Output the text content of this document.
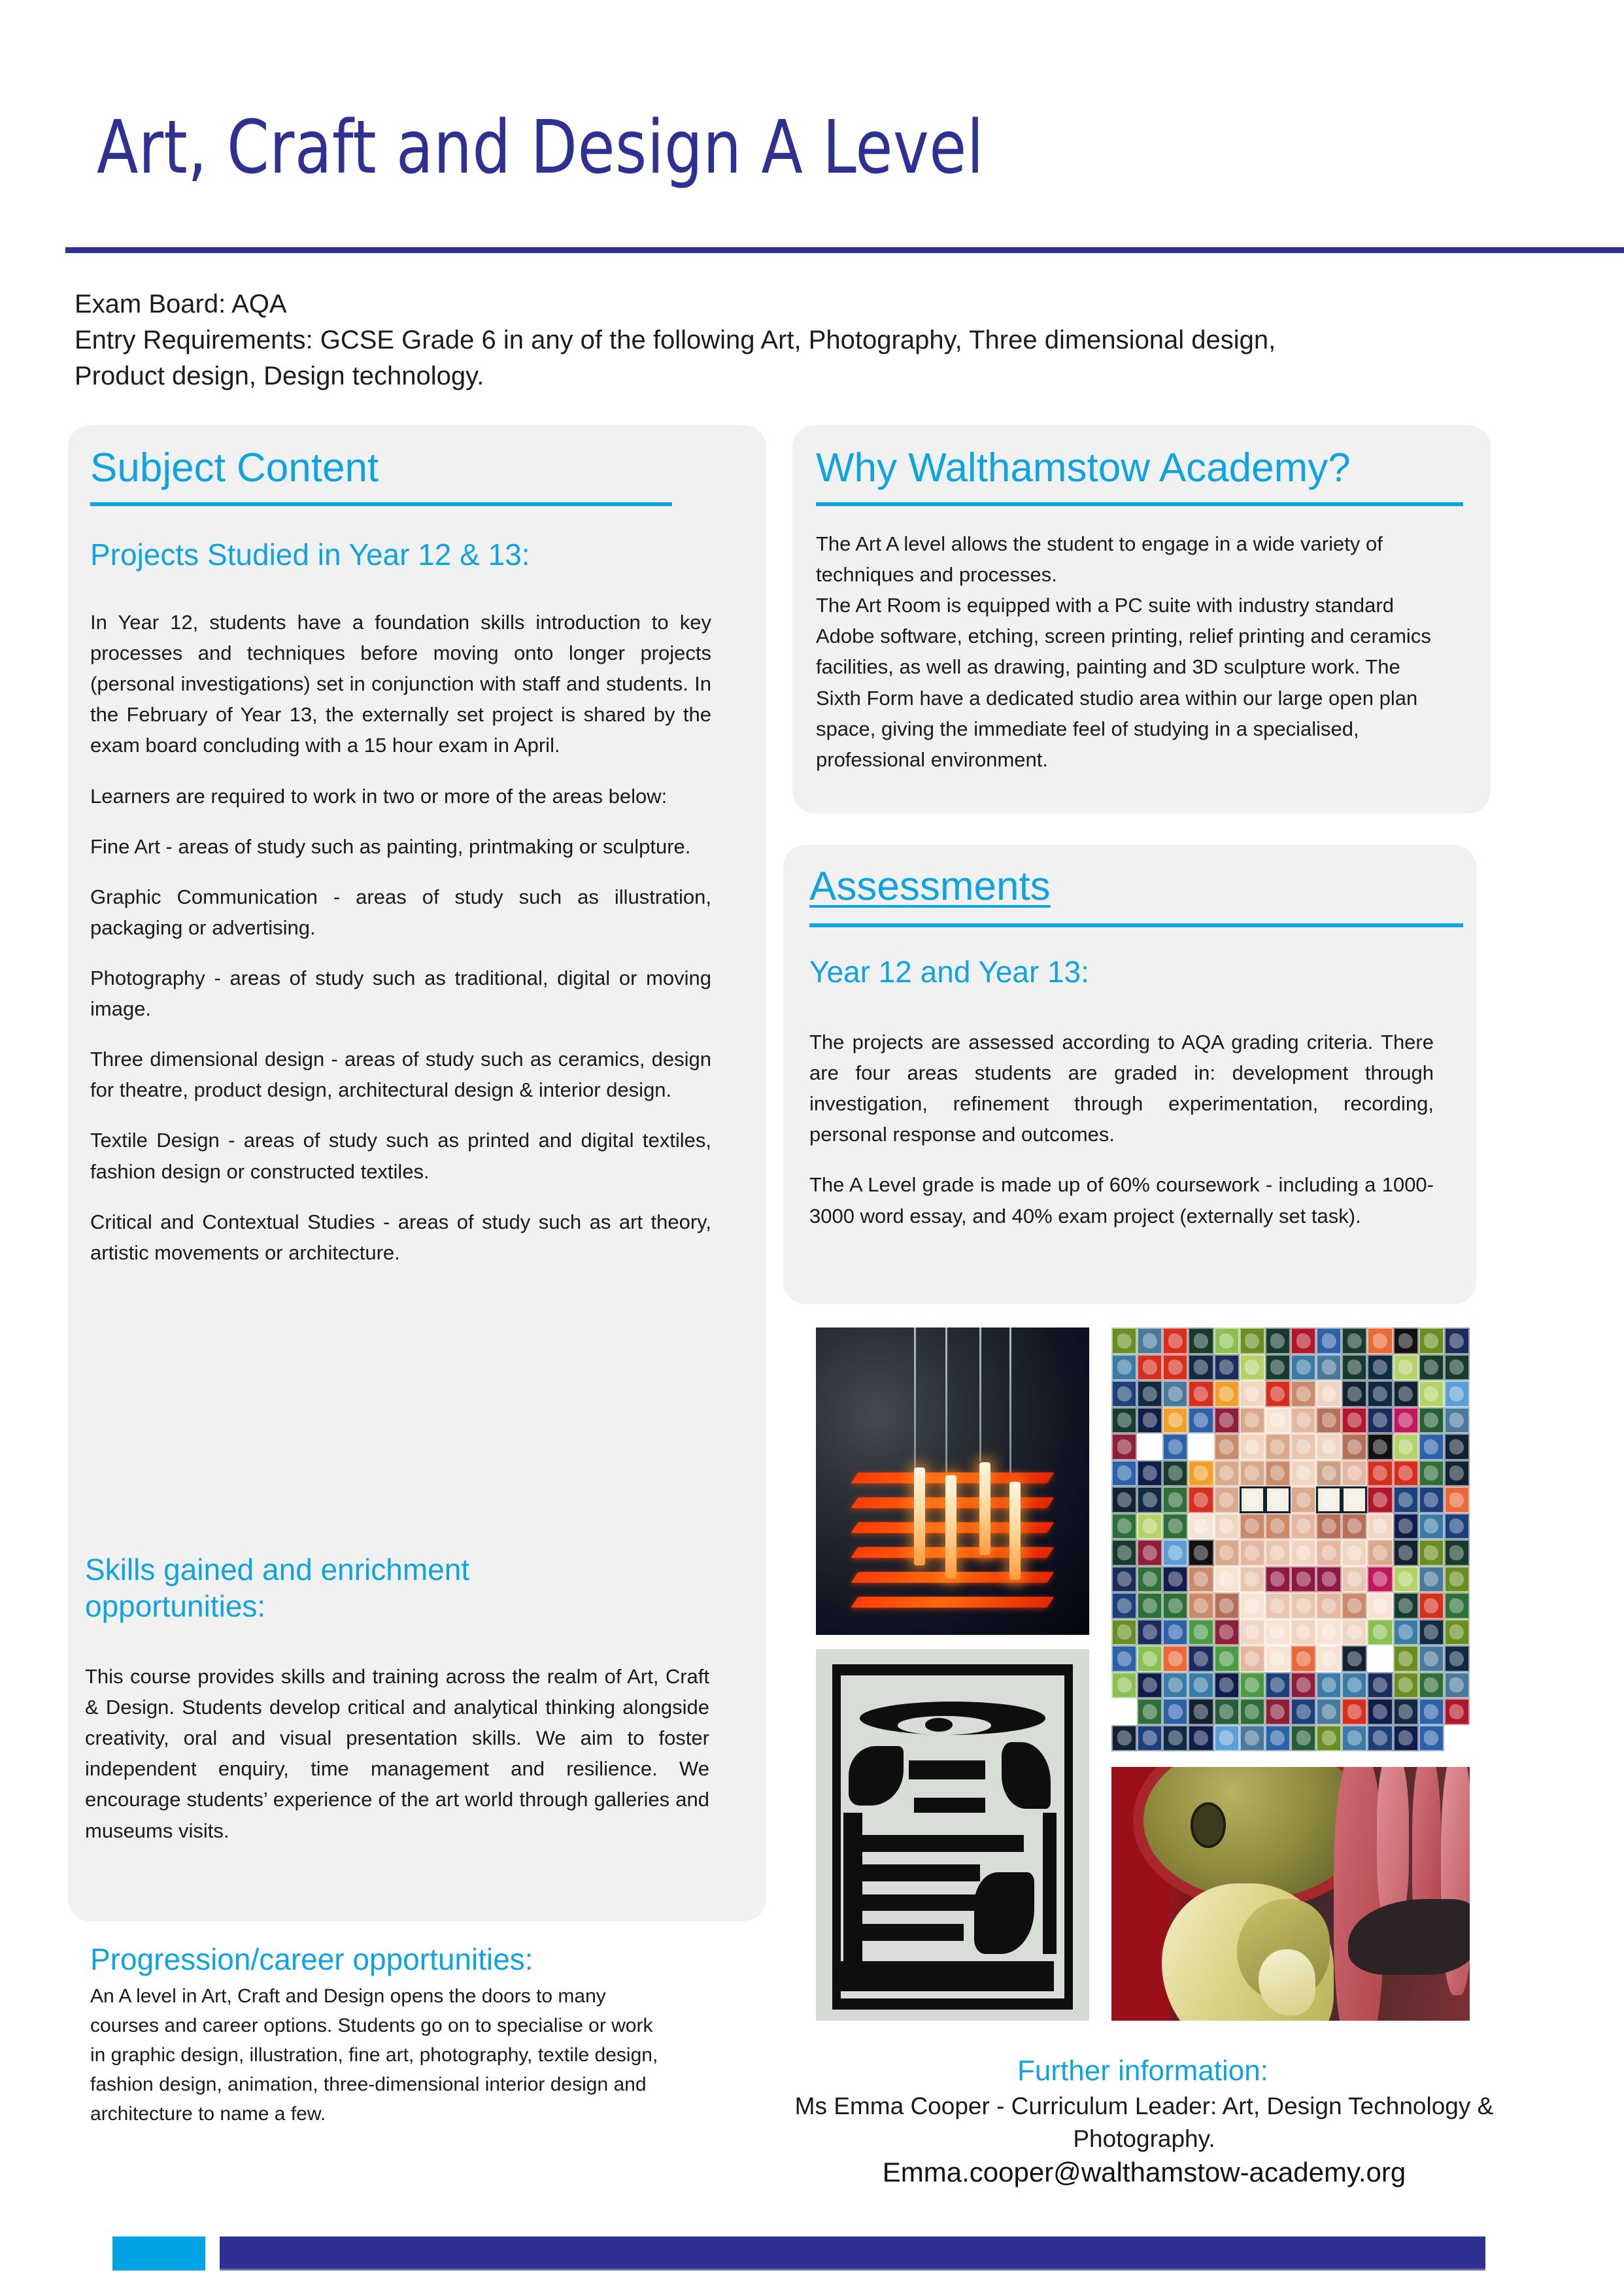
Art, Craft and Design A Level
Exam Board: AQA
Entry Requirements: GCSE Grade 6 in any of the following Art, Photography, Three dimensional design,
Product design, Design technology.
Subject Content
Projects Studied in Year 12 & 13:

In Year 12, students have a foundation skills introduction to key processes and techniques before moving onto longer projects (personal investigations) set in conjunction with staff and students. In the February of Year 13, the externally set project is shared by the exam board concluding with a 15 hour exam in April.

Learners are required to work in two or more of the areas below:

Fine Art - areas of study such as painting, printmaking or sculpture.

Graphic Communication - areas of study such as illustration, packaging or advertising.

Photography - areas of study such as traditional, digital or moving image.

Three dimensional design - areas of study such as ceramics, design for theatre, product design, architectural design & interior design.

Textile Design - areas of study such as printed and digital textiles, fashion design or constructed textiles.

Critical and Contextual Studies - areas of study such as art theory, artistic movements or architecture.

Skills gained and enrichment
opportunities:

This course provides skills and training across the realm of Art, Craft & Design. Students develop critical and analytical thinking alongside creativity, oral and visual presentation skills. We aim to foster independent enquiry, time management and resilience. We encourage students’ experience of the art world through galleries and museums visits.

Progression/career opportunities:

An A level in Art, Craft and Design opens the doors to many courses and career options. Students go on to specialise or work in graphic design, illustration, fine art, photography, textile design, fashion design, animation, three-dimensional interior design and architecture to name a few.

Why Walthamstow Academy?

The Art A level allows the student to engage in a wide variety of techniques and processes.

The Art Room is equipped with a PC suite with industry standard Adobe software, etching, screen printing, relief printing and ceramics facilities, as well as drawing, painting and 3D sculpture work. The Sixth Form have a dedicated studio area within our large open plan space, giving the immediate feel of studying in a specialised, professional environment.

Assessments
Year 12 and Year 13:

The projects are assessed according to AQA grading criteria. There are four areas students are graded in: development through investigation, refinement through experimentation, recording, personal response and outcomes.

The A Level grade is made up of 60% coursework - including a 1000-3000 word essay, and 40% exam project (externally set task).

Further information:
Ms Emma Cooper - Curriculum Leader: Art, Design Technology & Photography.
Emma.cooper@walthamstow-academy.org
